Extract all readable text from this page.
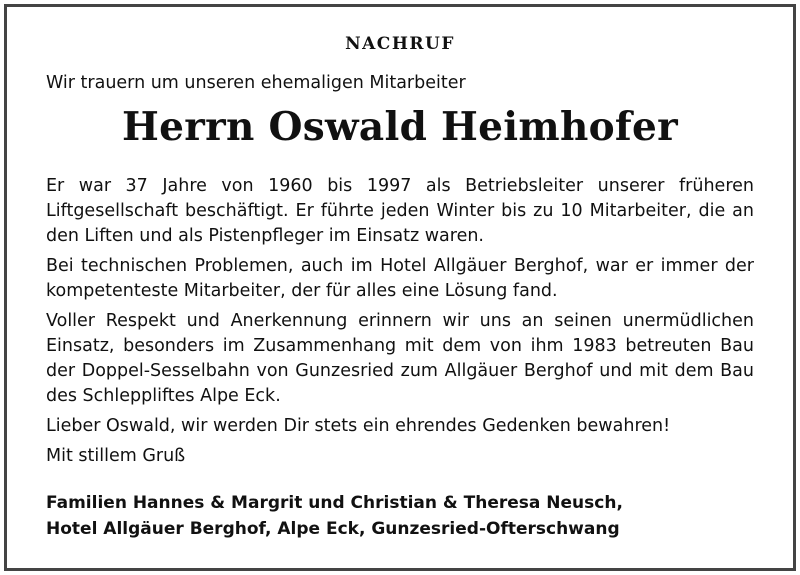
NACHRUF
Wir trauern um unseren ehemaligen Mitarbeiter
Herrn Oswald Heimhofer

Er war 37 Jahre von 1960 bis 1997 als Betriebsleiter unserer früheren Liftgesellschaft beschäftigt. Er führte jeden Winter bis zu 10 Mitarbeiter, die an den Liften und als Pistenpfleger im Einsatz waren.

Bei technischen Problemen, auch im Hotel Allgäuer Berghof, war er immer der kompetenteste Mitarbeiter, der für alles eine Lösung fand.

Voller Respekt und Anerkennung erinnern wir uns an seinen unermüdlichen Einsatz, besonders im Zusammenhang mit dem von ihm 1983 betreuten Bau der Doppel-Sesselbahn von Gunzesried zum Allgäuer Berghof und mit dem Bau des Schleppliftes Alpe Eck.

Lieber Oswald, wir werden Dir stets ein ehrendes Gedenken bewahren!

Mit stillem Gruß

Familien Hannes & Margrit und Christian & Theresa Neusch,
Hotel Allgäuer Berghof, Alpe Eck, Gunzesried-Ofterschwang
